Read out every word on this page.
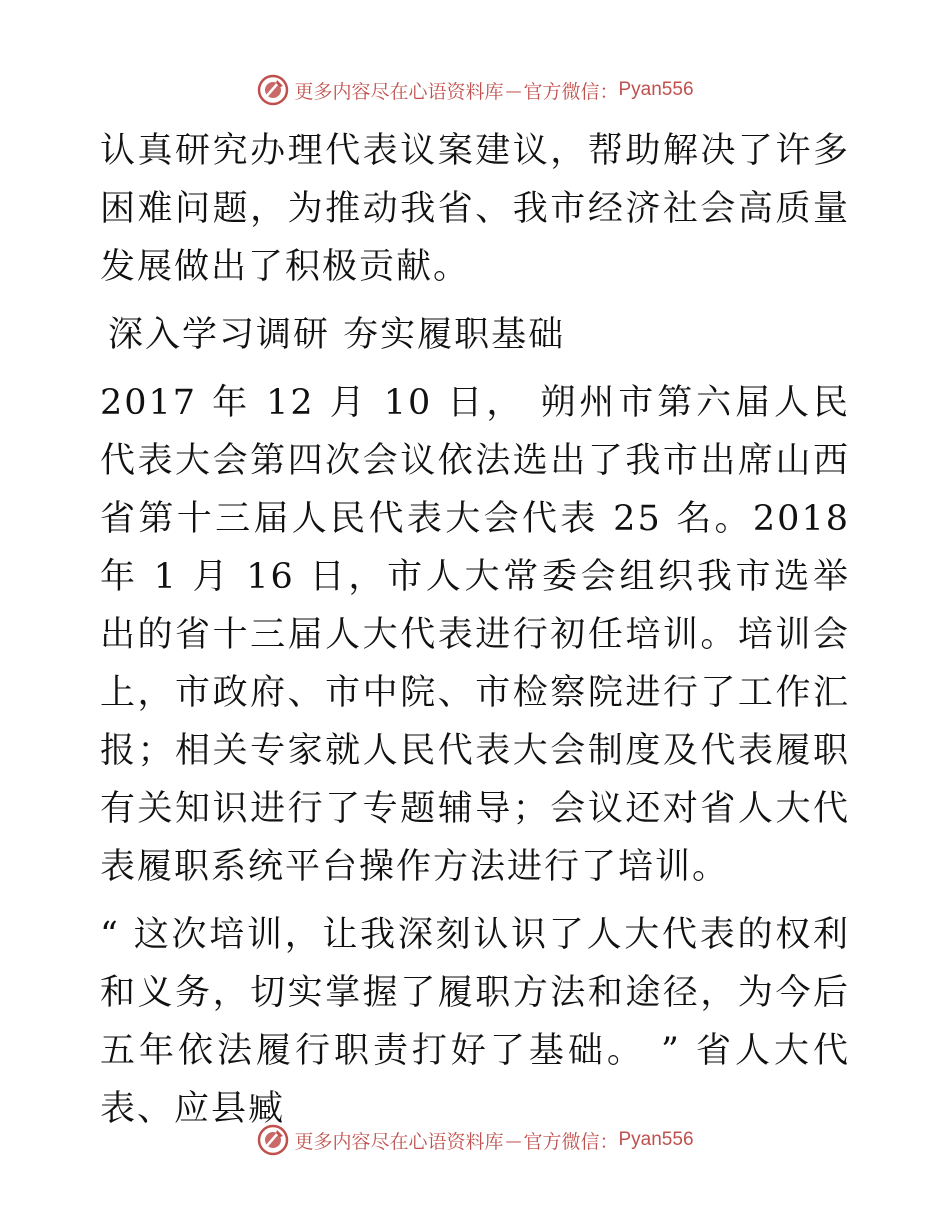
更多内容尽在心语资料库 — 官方微信： Pyan556

认真研究办理代表议案建议，帮助解决了许多困难问题，为推动我省、我市经济社会高质量发展做出了积极贡献。

深入学习调研 夯实履职基础

2017 年 12 月 10 日， 朔州市第六届人民代表大会第四次会议依法选出了我市出席山西省第十三届人民代表大会代表 25 名。2018 年 1 月 16 日，市人大常委会组织我市选举出的省十三届人大代表进行初任培训。培训会上，市政府、市中院、市检察院进行了工作汇报；相关专家就人民代表大会制度及代表履职有关知识进行了专题辅导；会议还对省人大代表履职系统平台操作方法进行了培训。

“ 这次培训，让我深刻认识了人大代表的权利和义务，切实掌握了履职方法和途径，为今后五年依法履行职责打好了基础。 ” 省人大代表、应县臧

更多内容尽在心语资料库 — 官方微信： Pyan556
